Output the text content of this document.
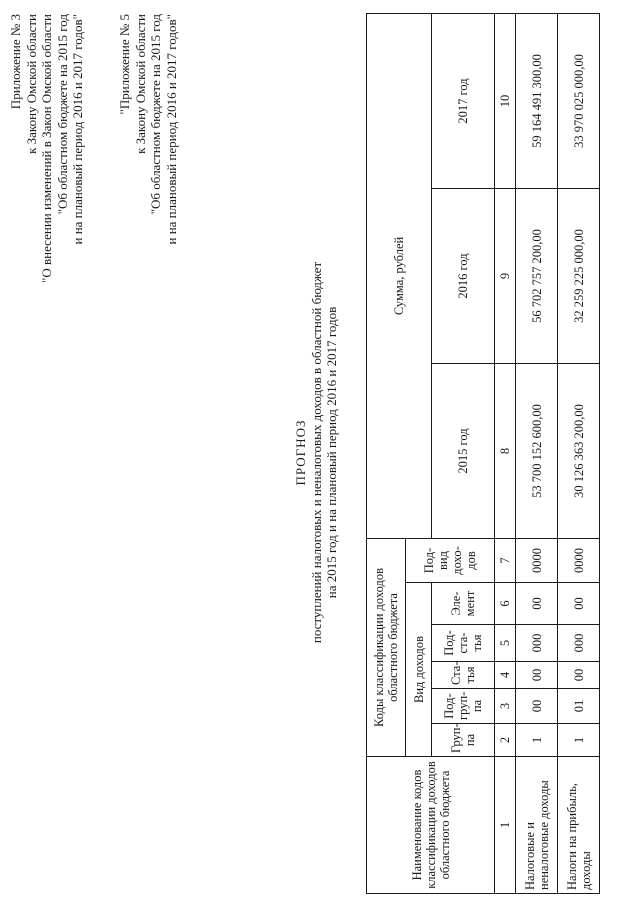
Приложение № 3 к Закону Омской области "О внесении изменений в Закон Омской области "Об областном бюджете на 2015 год и на плановый период 2016 и 2017 годов" "Приложение № 5 к Закону Омской области "Об областном бюджете на 2015 год и на плановый период 2016 и 2017 годов"
ПРОГНОЗ поступлений налоговых и неналоговых доходов в областной бюджет на 2015 год и на плановый период 2016 и 2017 годов
Наименование кодов классификации доходов областного бюджета	Коды классификации доходов областного бюджета						Сумма, рублей		
	Вид доходов					Под-вид дохо-дов			
	Груп-па	Под-груп-па	Ста-тья	Под-ста-тья	Эле-мент		2015 год	2016 год	2017 год
1	2	3	4	5	6	7	8	9	10
Налоговые и неналоговые доходы	1	00	00	000	00	0000	53 700 152 600,00	56 702 757 200,00	59 164 491 300,00
Налоги на прибыль, доходы	1	01	00	000	00	0000	30 126 363 200,00	32 259 225 000,00	33 970 025 000,00
